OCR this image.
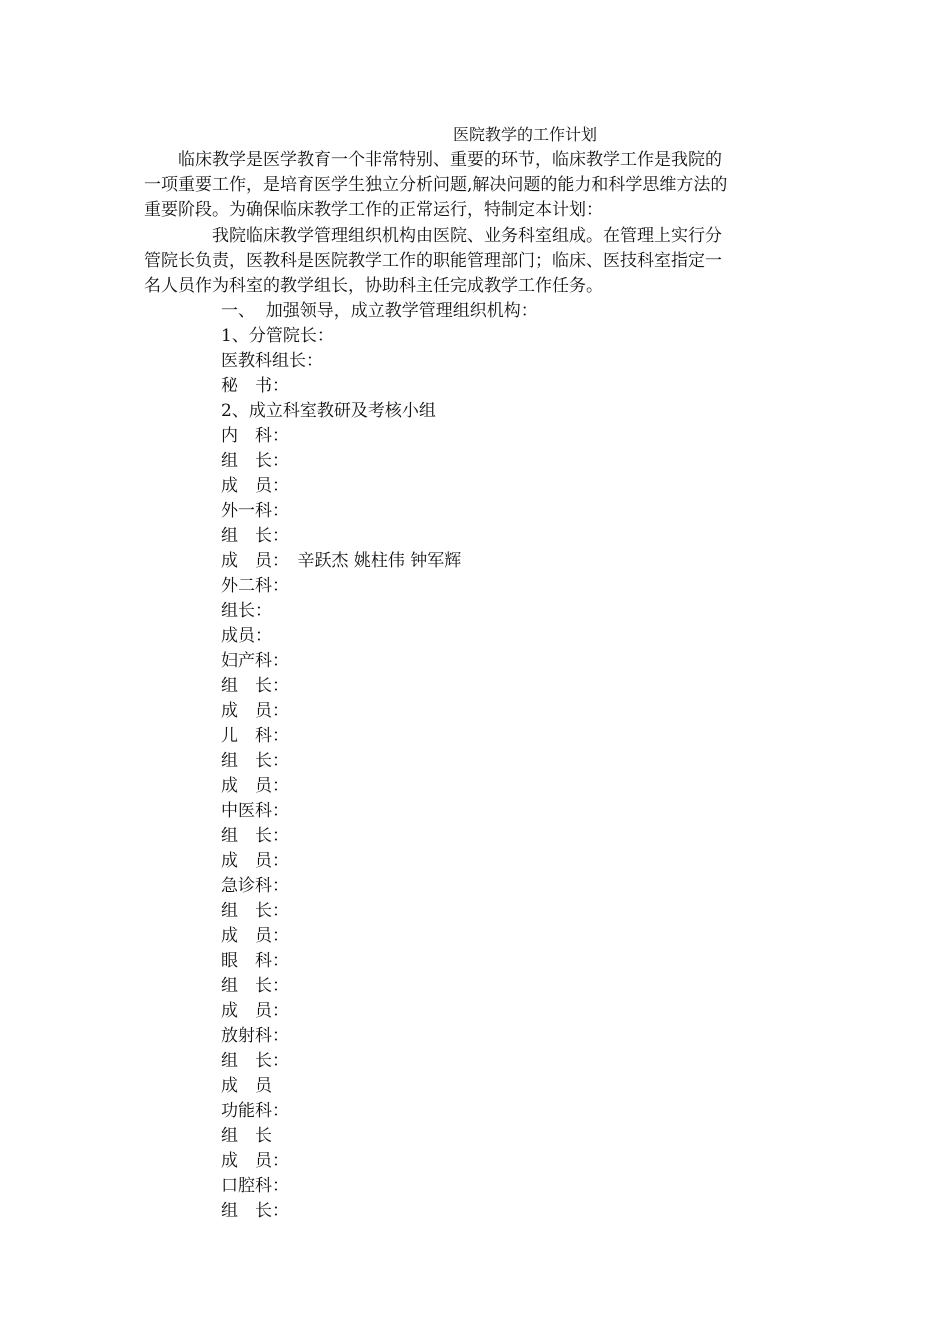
医院教学的工作计划

　　临床教学是医学教育一个非常特别、重要的环节，临床教学工作是我院的
一项重要工作，是培育医学生独立分析问题,解决问题的能力和科学思维方法的
重要阶段。为确保临床教学工作的正常运行，特制定本计划：

　　　　我院临床教学管理组织机构由医院、业务科室组成。在管理上实行分
管院长负责，医教科是医院教学工作的职能管理部门；临床、医技科室指定一
名人员作为科室的教学组长，协助科主任完成教学工作任务。

一、  加强领导，成立教学管理组织机构：
1、分管院长：
医教科组长：
秘　书：
2、成立科室教研及考核小组
内　科：
组　长：
成　员：
外一科：
组　长：
成　员：　辛跃杰 姚柱伟 钟军辉
外二科：
组长：
成员：
妇产科：
组　长：
成　员：
儿　科：
组　长：
成　员：
中医科：
组　长：
成　员：
急诊科：
组　长：
成　员：
眼　科：
组　长：
成　员：
放射科：
组　长：
成　员
功能科：
组　长
成　员：
口腔科：
组　长：
